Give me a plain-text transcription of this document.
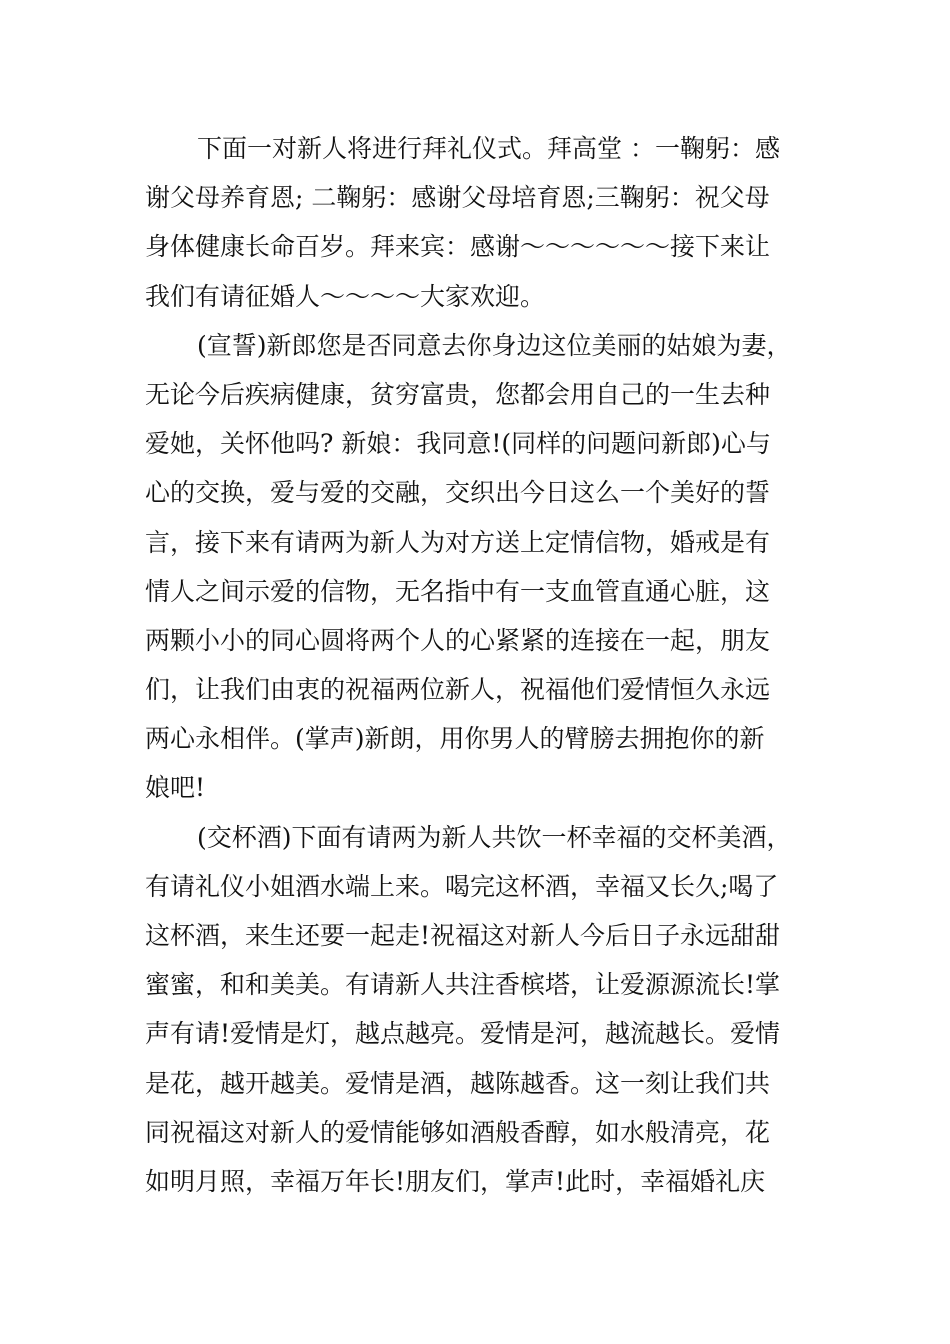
下面一对新人将进行拜礼仪式。拜高堂 ：一鞠躬：感
谢父母养育恩; 二鞠躬：感谢父母培育恩;三鞠躬：祝父母
身体健康长命百岁。拜来宾：感谢～～～～～～接下来让
我们有请征婚人～～～～大家欢迎。
(宣誓)新郎您是否同意去你身边这位美丽的姑娘为妻，
无论今后疾病健康，贫穷富贵，您都会用自己的一生去种
爱她，关怀他吗? 新娘：我同意!(同样的问题问新郎)心与
心的交换，爱与爱的交融，交织出今日这么一个美好的誓
言，接下来有请两为新人为对方送上定情信物，婚戒是有
情人之间示爱的信物，无名指中有一支血管直通心脏，这
两颗小小的同心圆将两个人的心紧紧的连接在一起，朋友
们，让我们由衷的祝福两位新人，祝福他们爱情恒久永远
两心永相伴。(掌声)新朗，用你男人的臂膀去拥抱你的新
娘吧!
(交杯酒)下面有请两为新人共饮一杯幸福的交杯美酒，
有请礼仪小姐酒水端上来。喝完这杯酒，幸福又长久;喝了
这杯酒，来生还要一起走!祝福这对新人今后日子永远甜甜
蜜蜜，和和美美。有请新人共注香槟塔，让爱源源流长!掌
声有请!爱情是灯，越点越亮。爱情是河，越流越长。爱情
是花，越开越美。爱情是酒，越陈越香。这一刻让我们共
同祝福这对新人的爱情能够如酒般香醇，如水般清亮，花
如明月照，幸福万年长!朋友们，掌声!此时，幸福婚礼庆
